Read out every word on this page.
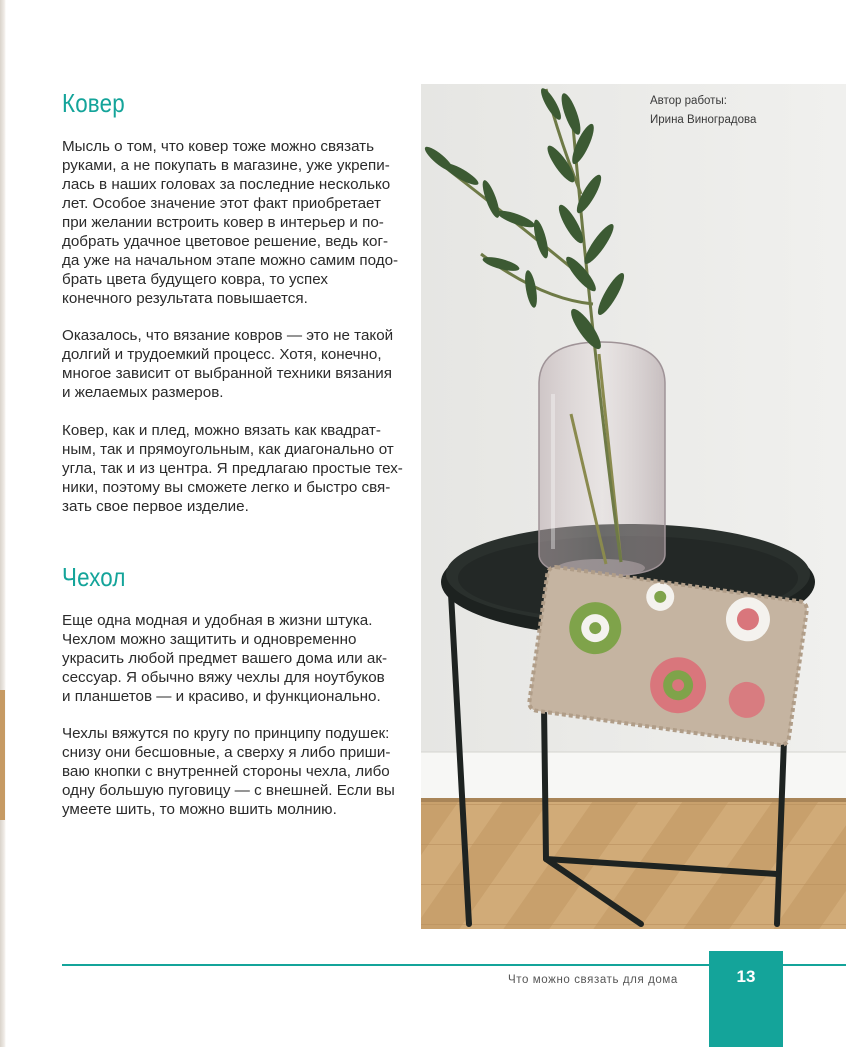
Ковер

Мысль о том, что ковер тоже можно связать
руками, а не покупать в магазине, уже укрепи-
лась в наших головах за последние несколько
лет. Особое значение этот факт приобретает
при желании встроить ковер в интерьер и по-
добрать удачное цветовое решение, ведь ког-
да уже на начальном этапе можно самим подо-
брать цвета будущего ковра, то успех
конечного результата повышается.

Оказалось, что вязание ковров — это не такой
долгий и трудоемкий процесс. Хотя, конечно,
многое зависит от выбранной техники вязания
и желаемых размеров.

Ковер, как и плед, можно вязать как квадрат-
ным, так и прямоугольным, как диагонально от
угла, так и из центра. Я предлагаю простые тех-
ники, поэтому вы сможете легко и быстро свя-
зать свое первое изделие.

Чехол

Еще одна модная и удобная в жизни штука.
Чехлом можно защитить и одновременно
украсить любой предмет вашего дома или ак-
сессуар. Я обычно вяжу чехлы для ноутбуков
и планшетов — и красиво, и функционально.

Чехлы вяжутся по кругу по принципу подушек:
снизу они бесшовные, а сверху я либо приши-
ваю кнопки с внутренней стороны чехла, либо
одну большую пуговицу — с внешней. Если вы
умеете шить, то можно вшить молнию.

Автор работы:
Ирина Виноградова

Что можно связать для дома	13
